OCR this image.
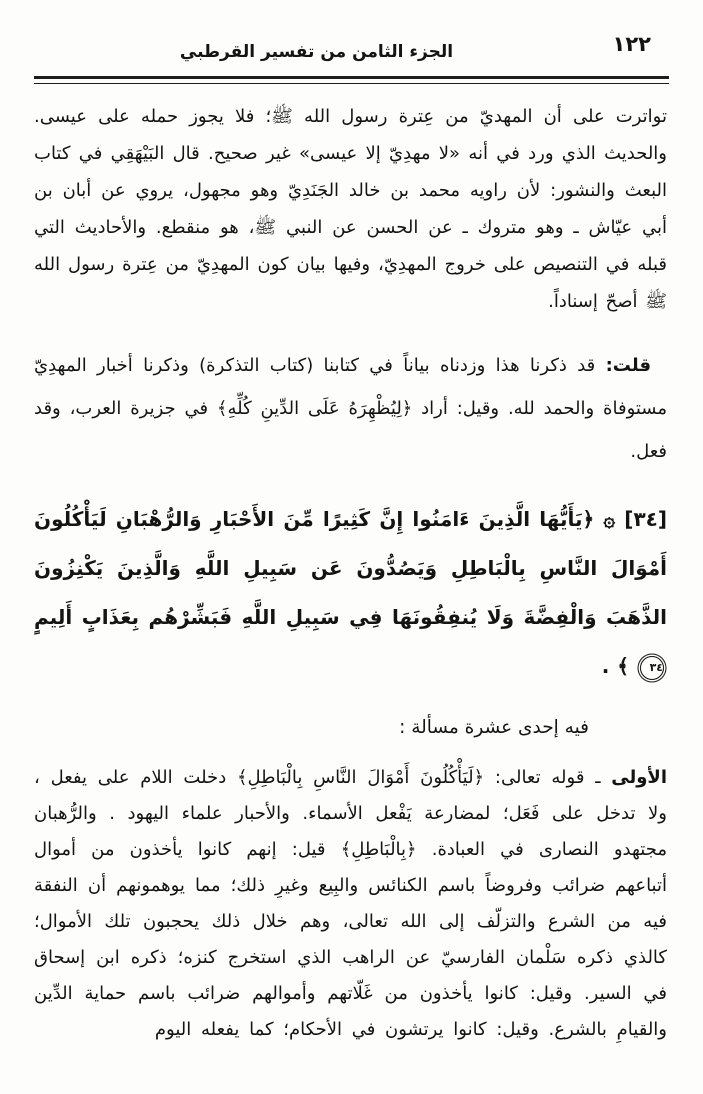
١٢٢
الجزء الثامن من تفسير القرطبي

تواترت على أن المهديّ من عِترة رسول الله ﷺ؛ فلا يجوز حمله على عيسى. والحديث الذي ورد في أنه «لا مهدِيّ إلا عيسى» غير صحيح. قال البَيْهَقِي في كتاب البعث والنشور: لأن راويه محمد بن خالد الجَنَدِيّ وهو مجهول، يروي عن أبان بن أبي عيّاش ـ وهو متروك ـ عن الحسن عن النبي ﷺ، هو منقطع. والأحاديث التي قبله في التنصيص على خروج المهدِيّ، وفيها بيان كون المهدِيّ من عِترة رسول الله ﷺ أصحّ إسناداً.

قلت: قد ذكرنا هذا وزدناه بياناً في كتابنا (كتاب التذكرة) وذكرنا أخبار المهدِيّ مستوفاة والحمد لله. وقيل: أراد ﴿لِيُظْهِرَهُ عَلَى الدِّينِ كُلِّهِ﴾ في جزيرة العرب، وقد فعل.

[٣٤] ۞ ﴿يَأَيُّهَا الَّذِينَ ءَامَنُوا إِنَّ كَثِيرًا مِّنَ الأَحْبَارِ وَالرُّهْبَانِ لَيَأْكُلُونَ أَمْوَالَ النَّاسِ بِالْبَاطِلِ وَيَصُدُّونَ عَن سَبِيلِ اللَّهِ وَالَّذِينَ يَكْنِزُونَ الذَّهَبَ وَالْفِضَّةَ وَلَا يُنفِقُونَهَا فِي سَبِيلِ اللَّهِ فَبَشِّرْهُم بِعَذَابٍ أَلِيمٍ ٣٤ ﴾ .

فيه إحدى عشرة مسألة :

الأولى ـ قوله تعالى: ﴿لَيَأْكُلُونَ أَمْوَالَ النَّاسِ بِالْبَاطِلِ﴾ دخلت اللام على يفعل ، ولا تدخل على فَعَل؛ لمضارعة يَفْعل الأسماء. والأحبار علماء اليهود . والرُّهبان مجتهدو النصارى في العبادة. ﴿بِالْبَاطِلِ﴾ قيل: إنهم كانوا يأخذون من أموال أتباعهم ضرائب وفروضاً باسم الكنائس والبِيع وغيرِ ذلك؛ مما يوهمونهم أن النفقة فيه من الشرع والتزلّف إلى الله تعالى، وهم خلال ذلك يحجبون تلك الأموال؛ كالذي ذكره سَلْمان الفارسيّ عن الراهب الذي استخرج كنزه؛ ذكره ابن إسحاق في السير. وقيل: كانوا يأخذون من غَلّاتهم وأموالهم ضرائب باسم حماية الدِّين والقيامِ بالشرع. وقيل: كانوا يرتشون في الأحكام؛ كما يفعله اليوم
